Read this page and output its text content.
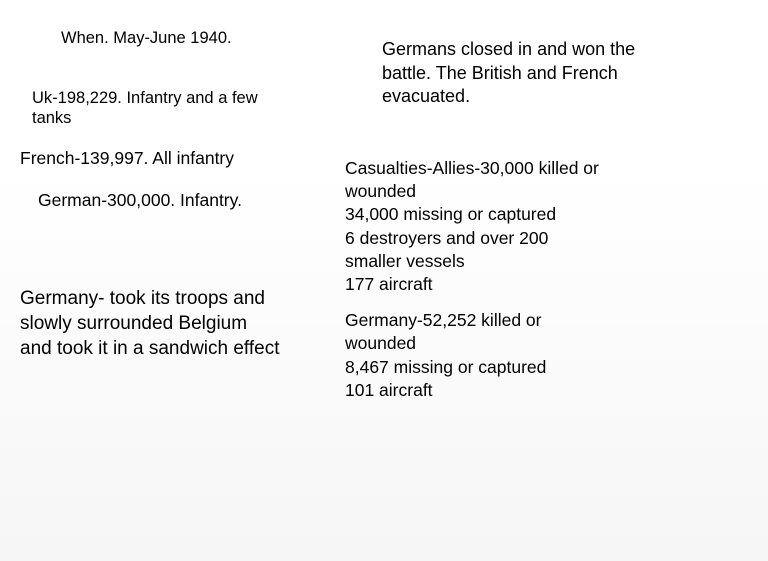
When. May-June 1940.
Uk-198,229. Infantry and a few
tanks
French-139,997. All infantry
German-300,000. Infantry.
Germany- took its troops and
slowly surrounded Belgium
and took it in a sandwich effect
Germans closed in and won the
battle. The British and French
evacuated.
Casualties-Allies-30,000 killed or
wounded
34,000 missing or captured
6 destroyers and over 200
smaller vessels
177 aircraft
Germany-52,252 killed or
wounded
8,467 missing or captured
101 aircraft
